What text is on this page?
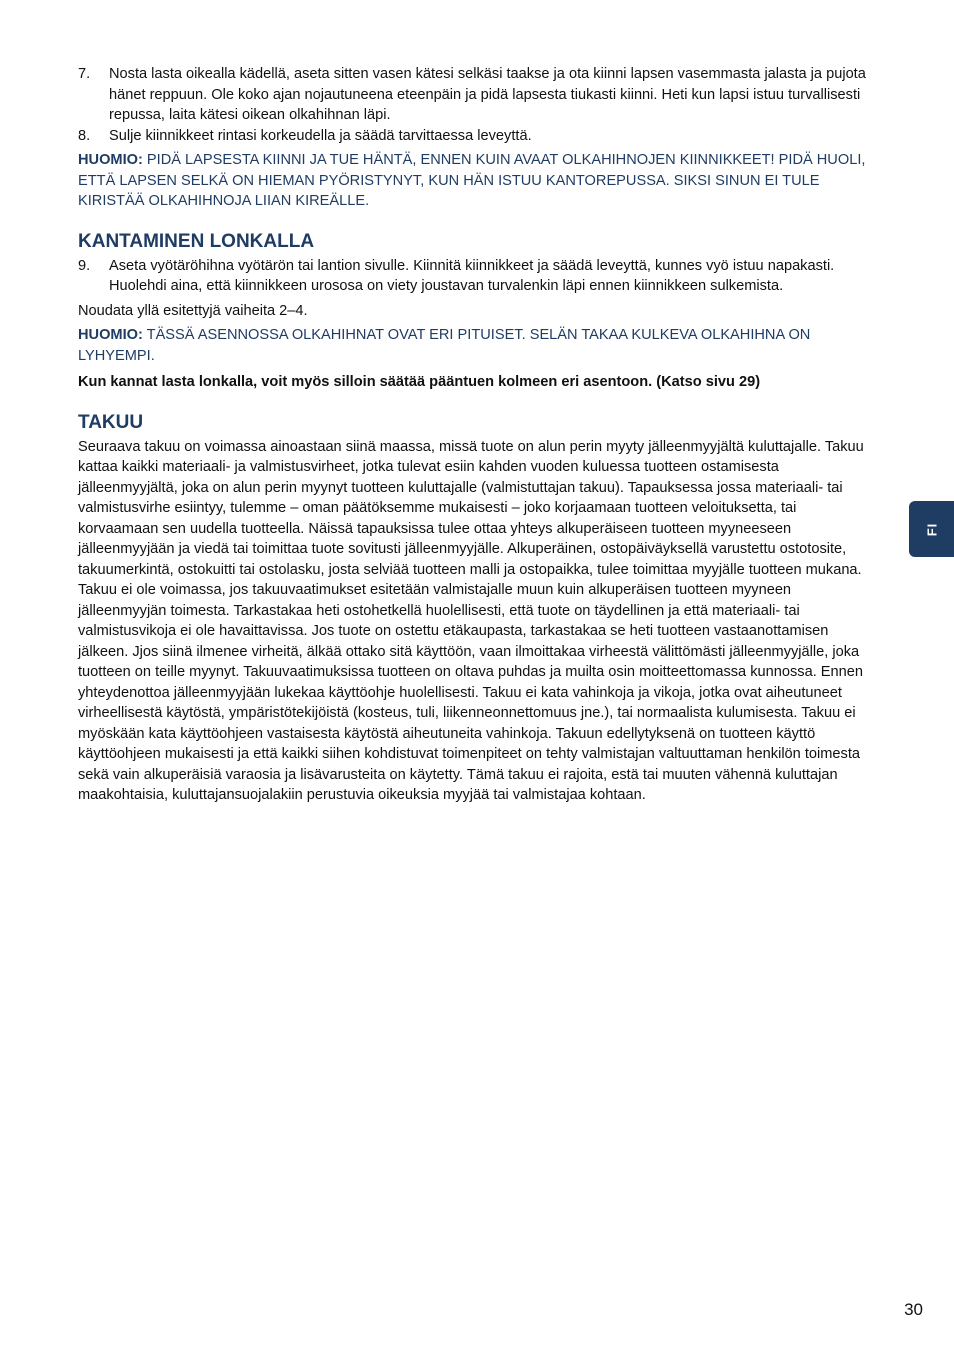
7.	Nosta lasta oikealla kädellä, aseta sitten vasen kätesi selkäsi taakse ja ota kiinni lapsen vasemmasta jalasta ja pujota hänet reppuun. Ole koko ajan nojautuneena eteenpäin ja pidä lapsesta tiukasti kiinni. Heti kun lapsi istuu turvallisesti repussa, laita kätesi oikean olkahihnan läpi.
8.	Sulje kiinnikkeet rintasi korkeudella ja säädä tarvittaessa leveyttä.
HUOMIO: PIDÄ LAPSESTA KIINNI JA TUE HÄNTÄ, ENNEN KUIN AVAAT OLKAHIHNOJEN KIINNIKKEET! PIDÄ HUOLI, ETTÄ LAPSEN SELKÄ ON HIEMAN PYÖRISTYNYT, KUN HÄN ISTUU KANTOREPUSSA. SIKSI SINUN EI TULE KIRISTÄÄ OLKAHIHNOJA LIIAN KIREÄLLE.
KANTAMINEN LONKALLA
9.	Aseta vyötäröhihna vyötärön tai lantion sivulle. Kiinnitä kiinnikkeet ja säädä leveyttä, kunnes vyö istuu napakasti. Huolehdi aina, että kiinnikkeen urososa on viety joustavan turvalenkin läpi ennen kiinnikkeen sulkemista.
Noudata yllä esitettyjä vaiheita 2–4.
HUOMIO: TÄSSÄ ASENNOSSA OLKAHIHNAT OVAT ERI PITUISET. SELÄN TAKAA KULKEVA OLKAHIHNA ON LYHYEMPI.
Kun kannat lasta lonkalla, voit myös silloin säätää pääntuen kolmeen eri asentoon. (Katso sivu 29)
TAKUU
Seuraava takuu on voimassa ainoastaan siinä maassa, missä tuote on alun perin myyty jälleenmyyjältä kuluttajalle. Takuu kattaa kaikki materiaali- ja valmistusvirheet, jotka tulevat esiin kahden vuoden kuluessa tuotteen ostamisesta jälleenmyyjältä, joka on alun perin myynyt tuotteen kuluttajalle (valmistuttajan takuu). Tapauksessa jossa materiaali- tai valmistusvirhe esiintyy, tulemme – oman päätöksemme mukaisesti – joko korjaamaan tuotteen veloituksetta, tai korvaamaan sen uudella tuotteella. Näissä tapauksissa tulee ottaa yhteys alkuperäiseen tuotteen myyneeseen jälleenmyyjään ja viedä tai toimittaa tuote sovitusti jälleenmyyjälle. Alkuperäinen, ostopäiväyksellä varustettu ostotosite, takuumerkintä, ostokuitti tai ostolasku, josta selviää tuotteen malli ja ostopaikka, tulee toimittaa myyjälle tuotteen mukana. Takuu ei ole voimassa, jos takuuvaatimukset esitetään valmistajalle muun kuin alkuperäisen tuotteen myyneen jälleenmyyjän toimesta. Tarkastakaa heti ostohetkellä huolellisesti, että tuote on täydellinen ja että materiaali- tai valmistusvikoja ei ole havaittavissa. Jos tuote on ostettu etäkaupasta, tarkastakaa se heti tuotteen vastaanottamisen jälkeen. Jjos siinä ilmenee virheitä, älkää ottako sitä käyttöön, vaan ilmoittakaa virheestä välittömästi jälleenmyyjälle, joka tuotteen on teille myynyt. Takuuvaatimuksissa tuotteen on oltava puhdas ja muilta osin moitteettomassa kunnossa. Ennen yhteydenottoa jälleenmyyjään lukekaa käyttöohje huolellisesti. Takuu ei kata vahinkoja ja vikoja, jotka ovat aiheutuneet virheellisestä käytöstä, ympäristötekijöistä (kosteus, tuli, liikenneonnettomuus jne.), tai normaalista kulumisesta. Takuu ei myöskään kata käyttöohjeen vastaisesta käytöstä aiheutuneita vahinkoja. Takuun edellytyksenä on tuotteen käyttö käyttöohjeen mukaisesti ja että kaikki siihen kohdistuvat toimenpiteet on tehty valmistajan valtuuttaman henkilön toimesta sekä vain alkuperäisiä varaosia ja lisävarusteita on käytetty. Tämä takuu ei rajoita, estä tai muuten vähennä kuluttajan maakohtaisia, kuluttajansuojalakiin perustuvia oikeuksia myyjää tai valmistajaa kohtaan.
FI
30
